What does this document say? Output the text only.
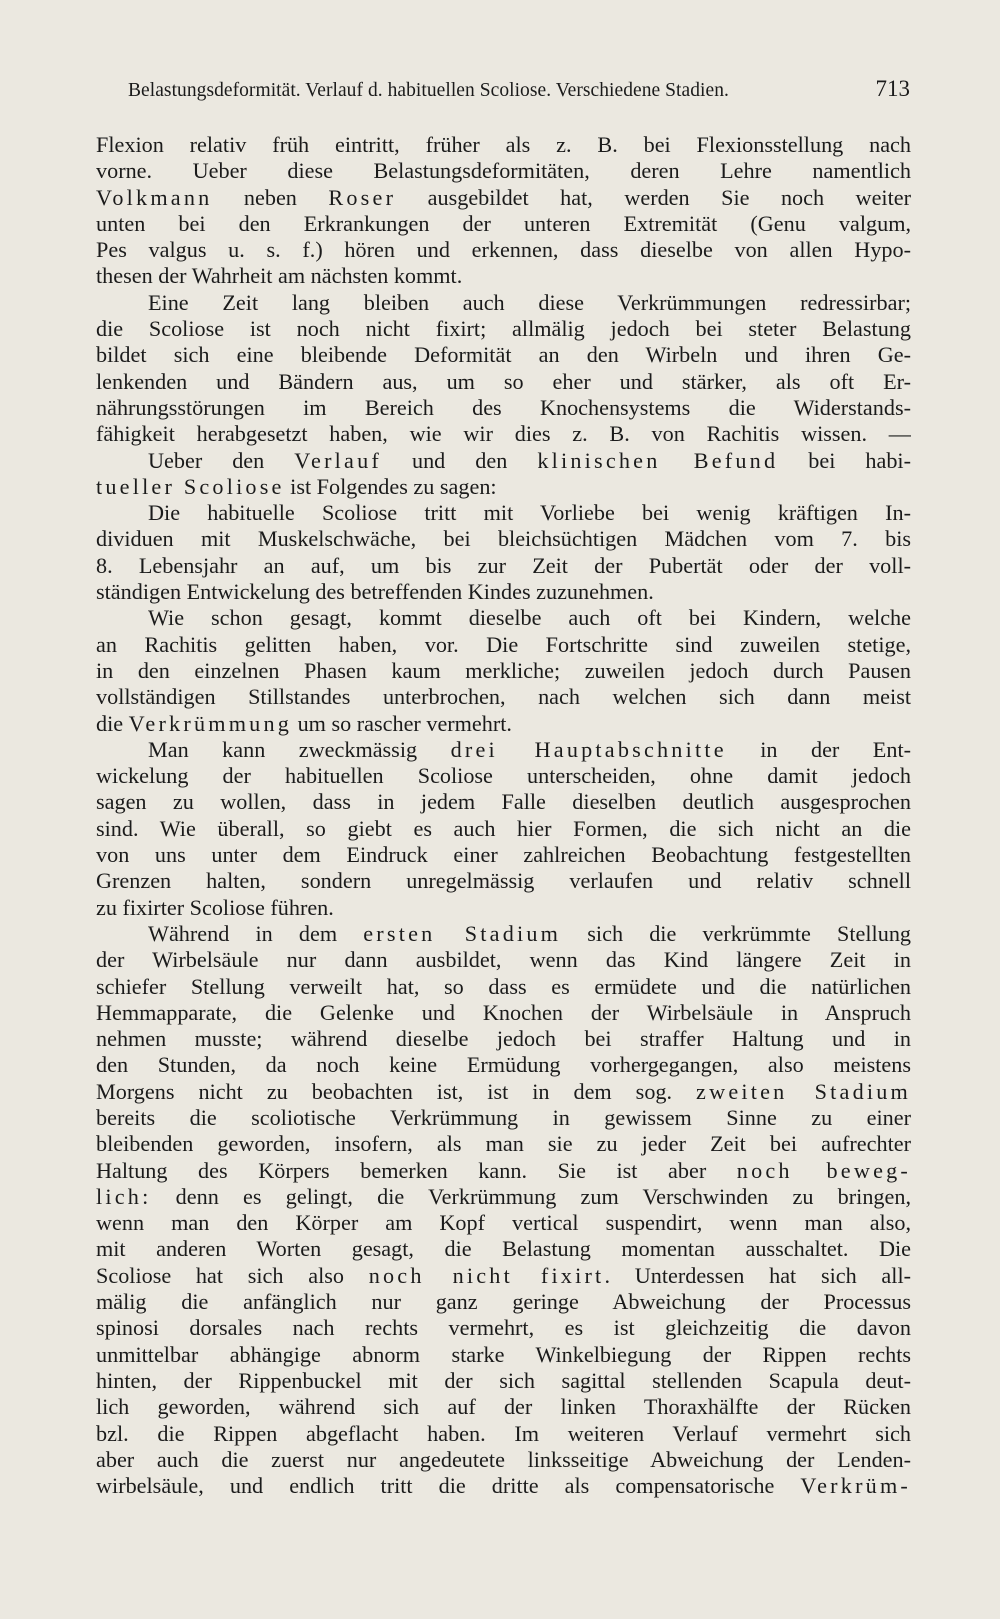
Belastungsdeformität. Verlauf d. habituellen Scoliose. Verschiedene Stadien.	713
Flexion relativ früh eintritt, früher als z. B. bei Flexionsstellung nach
vorne. Ueber diese Belastungsdeformitäten, deren Lehre namentlich
Volkmann neben Roser ausgebildet hat, werden Sie noch weiter
unten bei den Erkrankungen der unteren Extremität (Genu valgum,
Pes valgus u. s. f.) hören und erkennen, dass dieselbe von allen Hypo-
thesen der Wahrheit am nächsten kommt.
Eine Zeit lang bleiben auch diese Verkrümmungen redressirbar;
die Scoliose ist noch nicht fixirt; allmälig jedoch bei steter Belastung
bildet sich eine bleibende Deformität an den Wirbeln und ihren Ge-
lenkenden und Bändern aus, um so eher und stärker, als oft Er-
nährungsstörungen im Bereich des Knochensystems die Widerstands-
fähigkeit herabgesetzt haben, wie wir dies z. B. von Rachitis wissen. —
Ueber den Verlauf und den klinischen Befund bei habi-
tueller Scoliose ist Folgendes zu sagen:
Die habituelle Scoliose tritt mit Vorliebe bei wenig kräftigen In-
dividuen mit Muskelschwäche, bei bleichsüchtigen Mädchen vom 7. bis
8. Lebensjahr an auf, um bis zur Zeit der Pubertät oder der voll-
ständigen Entwickelung des betreffenden Kindes zuzunehmen.
Wie schon gesagt, kommt dieselbe auch oft bei Kindern, welche
an Rachitis gelitten haben, vor. Die Fortschritte sind zuweilen stetige,
in den einzelnen Phasen kaum merkliche; zuweilen jedoch durch Pausen
vollständigen Stillstandes unterbrochen, nach welchen sich dann meist
die Verkrümmung um so rascher vermehrt.
Man kann zweckmässig drei Hauptabschnitte in der Ent-
wickelung der habituellen Scoliose unterscheiden, ohne damit jedoch
sagen zu wollen, dass in jedem Falle dieselben deutlich ausgesprochen
sind. Wie überall, so giebt es auch hier Formen, die sich nicht an die
von uns unter dem Eindruck einer zahlreichen Beobachtung festgestellten
Grenzen halten, sondern unregelmässig verlaufen und relativ schnell
zu fixirter Scoliose führen.
Während in dem ersten Stadium sich die verkrümmte Stellung
der Wirbelsäule nur dann ausbildet, wenn das Kind längere Zeit in
schiefer Stellung verweilt hat, so dass es ermüdete und die natürlichen
Hemmapparate, die Gelenke und Knochen der Wirbelsäule in Anspruch
nehmen musste; während dieselbe jedoch bei straffer Haltung und in
den Stunden, da noch keine Ermüdung vorhergegangen, also meistens
Morgens nicht zu beobachten ist, ist in dem sog. zweiten Stadium
bereits die scoliotische Verkrümmung in gewissem Sinne zu einer
bleibenden geworden, insofern, als man sie zu jeder Zeit bei aufrechter
Haltung des Körpers bemerken kann. Sie ist aber noch beweg-
lich: denn es gelingt, die Verkrümmung zum Verschwinden zu bringen,
wenn man den Körper am Kopf vertical suspendirt, wenn man also,
mit anderen Worten gesagt, die Belastung momentan ausschaltet. Die
Scoliose hat sich also noch nicht fixirt. Unterdessen hat sich all-
mälig die anfänglich nur ganz geringe Abweichung der Processus
spinosi dorsales nach rechts vermehrt, es ist gleichzeitig die davon
unmittelbar abhängige abnorm starke Winkelbiegung der Rippen rechts
hinten, der Rippenbuckel mit der sich sagittal stellenden Scapula deut-
lich geworden, während sich auf der linken Thoraxhälfte der Rücken
bzl. die Rippen abgeflacht haben. Im weiteren Verlauf vermehrt sich
aber auch die zuerst nur angedeutete linksseitige Abweichung der Lenden-
wirbelsäule, und endlich tritt die dritte als compensatorische Verkrüm-
